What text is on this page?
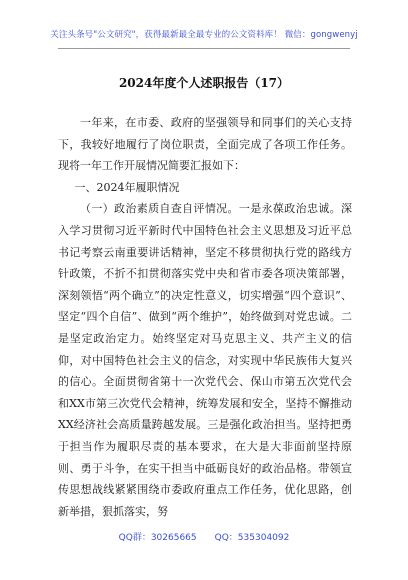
关注头条号"公文研究"，获得最新最全最专业的公文资料库！ 微信：gongwenyj
2024年度个人述职报告（17）

一年来，在市委、政府的坚强领导和同事们的关心支持下，我较好地履行了岗位职责，全面完成了各项工作任务。现将一年工作开展情况简要汇报如下：

一、2024年履职情况

（一）政治素质自查自评情况。一是永葆政治忠诚。深入学习贯彻习近平新时代中国特色社会主义思想及习近平总书记考察云南重要讲话精神，坚定不移贯彻执行党的路线方针政策，不折不扣贯彻落实党中央和省市委各项决策部署，深刻领悟“两个确立”的决定性意义，切实增强“四个意识”、坚定“四个自信”、做到“两个维护”，始终做到对党忠诚。二是坚定政治定力。始终坚定对马克思主义、共产主义的信仰，对中国特色社会主义的信念，对实现中华民族伟大复兴的信心。全面贯彻省第十一次党代会、保山市第五次党代会和XX市第三次党代会精神，统筹发展和安全，坚持不懈推动XX经济社会高质量跨越发展。三是强化政治担当。坚持把勇于担当作为履职尽责的基本要求，在大是大非面前坚持原则、勇于斗争，在实干担当中砥砺良好的政治品格。带领宣传思想战线紧紧围绕市委政府重点工作任务，优化思路，创新举措，狠抓落实，努

QQ群：30265665 QQ：535304092
